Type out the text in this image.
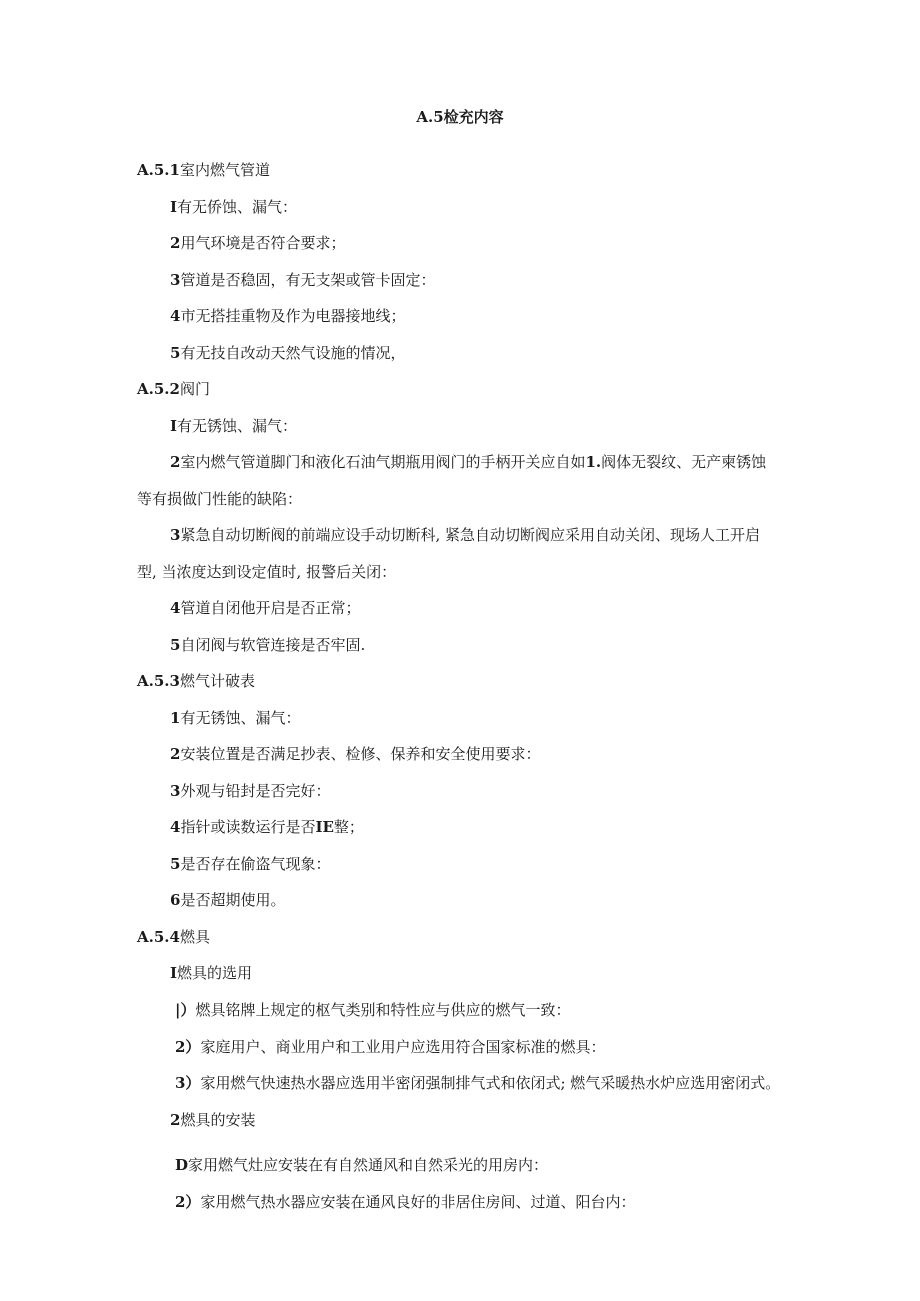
A.5检充内容
A.5.1室内燃气管道
I有无侨蚀、漏气：
2用气环境是否符合要求；
3管道是否稳固，有无支架或管卡固定：
4市无搭挂重物及作为电器接地线；
5有无技自改动天然气设施的情况，
A.5.2阀门
I有无锈蚀、漏气：
2室内燃气管道脚门和液化石油气期瓶用阀门的手柄开关应自如1.阀体无裂纹、无产柬锈蚀
等有损做门性能的缺陷：
3紧急自动切断阀的前端应设手动切断科, 紧急自动切断阀应采用自动关闭、现场人工开启
型, 当浓度达到设定值时, 报警后关闭：
4管道自闭他开启是否正常；
5自闭阀与软管连接是否牢固.
A.5.3燃气计破表
1有无锈蚀、漏气：
2安装位置是否满足抄表、检修、保养和安全使用要求：
3外观与铅封是否完好：
4指针或读数运行是否IE整；
5是否存在偷盗气现象：
6是否超期使用。
A.5.4燃具
I燃具的选用
|）燃具铭牌上规定的枢气类别和特性应与供应的燃气一致：
2）家庭用户、商业用户和工业用户应选用符合国家标准的燃具：
3）家用燃气快速热水器应选用半密闭强制排气式和依闭式; 燃气采暖热水炉应选用密闭式。
2燃具的安装
D家用燃气灶应安装在有自然通风和自然采光的用房内：
2）家用燃气热水器应安装在通风良好的非居住房间、过道、阳台内：
